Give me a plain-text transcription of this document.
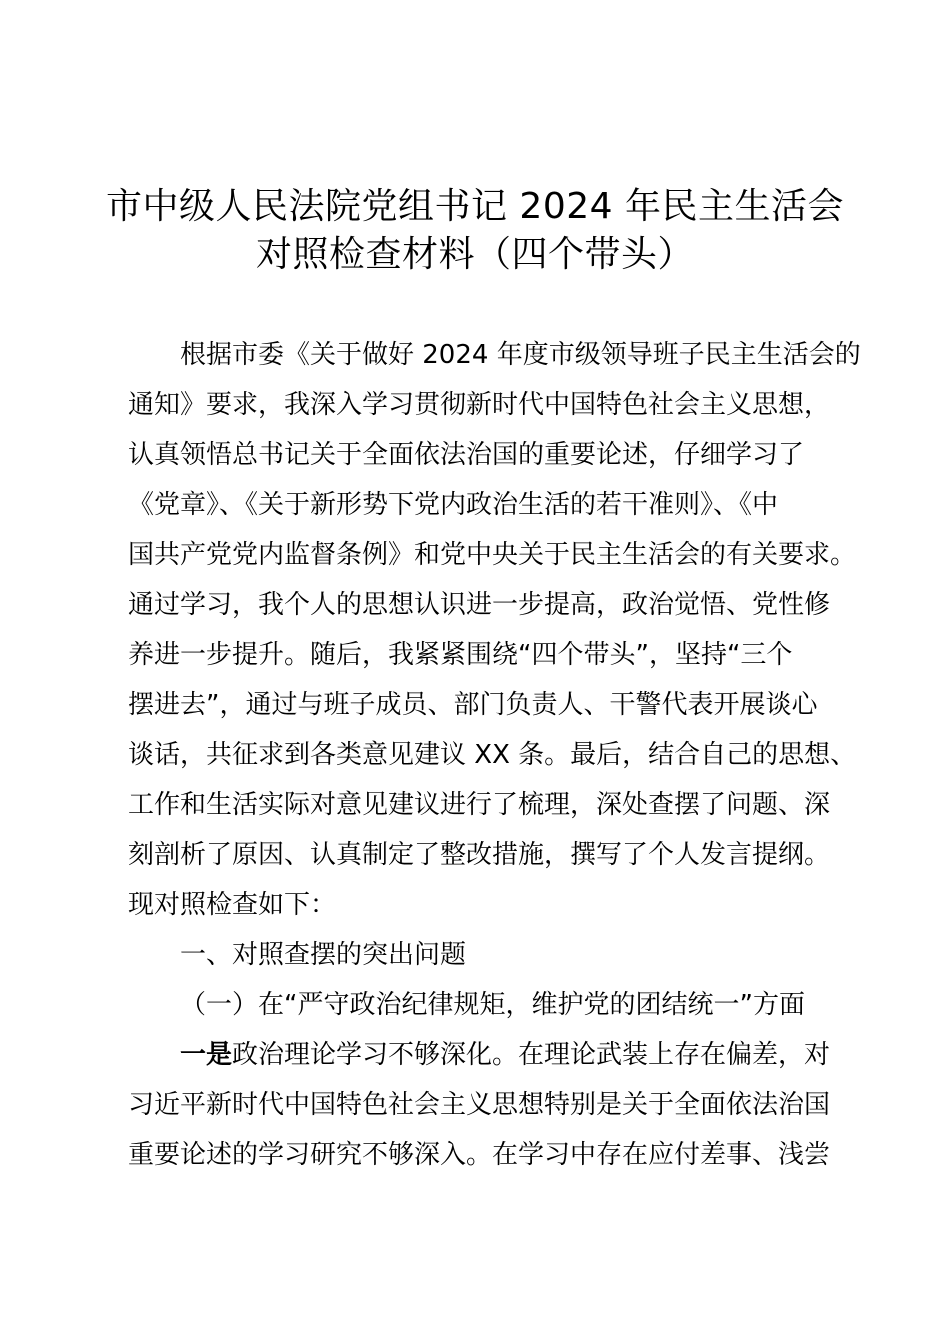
市中级人民法院党组书记 2024 年民主生活会
对照检查材料（四个带头）
根据市委《关于做好 2024 年度市级领导班子民主生活会的
通知》要求，我深入学习贯彻新时代中国特色社会主义思想，
认真领悟总书记关于全面依法治国的重要论述，仔细学习了
《党章》、《关于新形势下党内政治生活的若干准则》、《中
国共产党党内监督条例》和党中央关于民主生活会的有关要求。
通过学习，我个人的思想认识进一步提高，政治觉悟、党性修
养进一步提升。随后，我紧紧围绕“四个带头”，坚持“三个
摆进去”，通过与班子成员、部门负责人、干警代表开展谈心
谈话，共征求到各类意见建议 XX 条。最后，结合自己的思想、
工作和生活实际对意见建议进行了梳理，深处查摆了问题、深
刻剖析了原因、认真制定了整改措施，撰写了个人发言提纲。
现对照检查如下：
一、对照查摆的突出问题
（一）在“严守政治纪律规矩，维护党的团结统一”方面
一是政治理论学习不够深化。在理论武装上存在偏差，对
习近平新时代中国特色社会主义思想特别是关于全面依法治国
重要论述的学习研究不够深入。在学习中存在应付差事、浅尝
